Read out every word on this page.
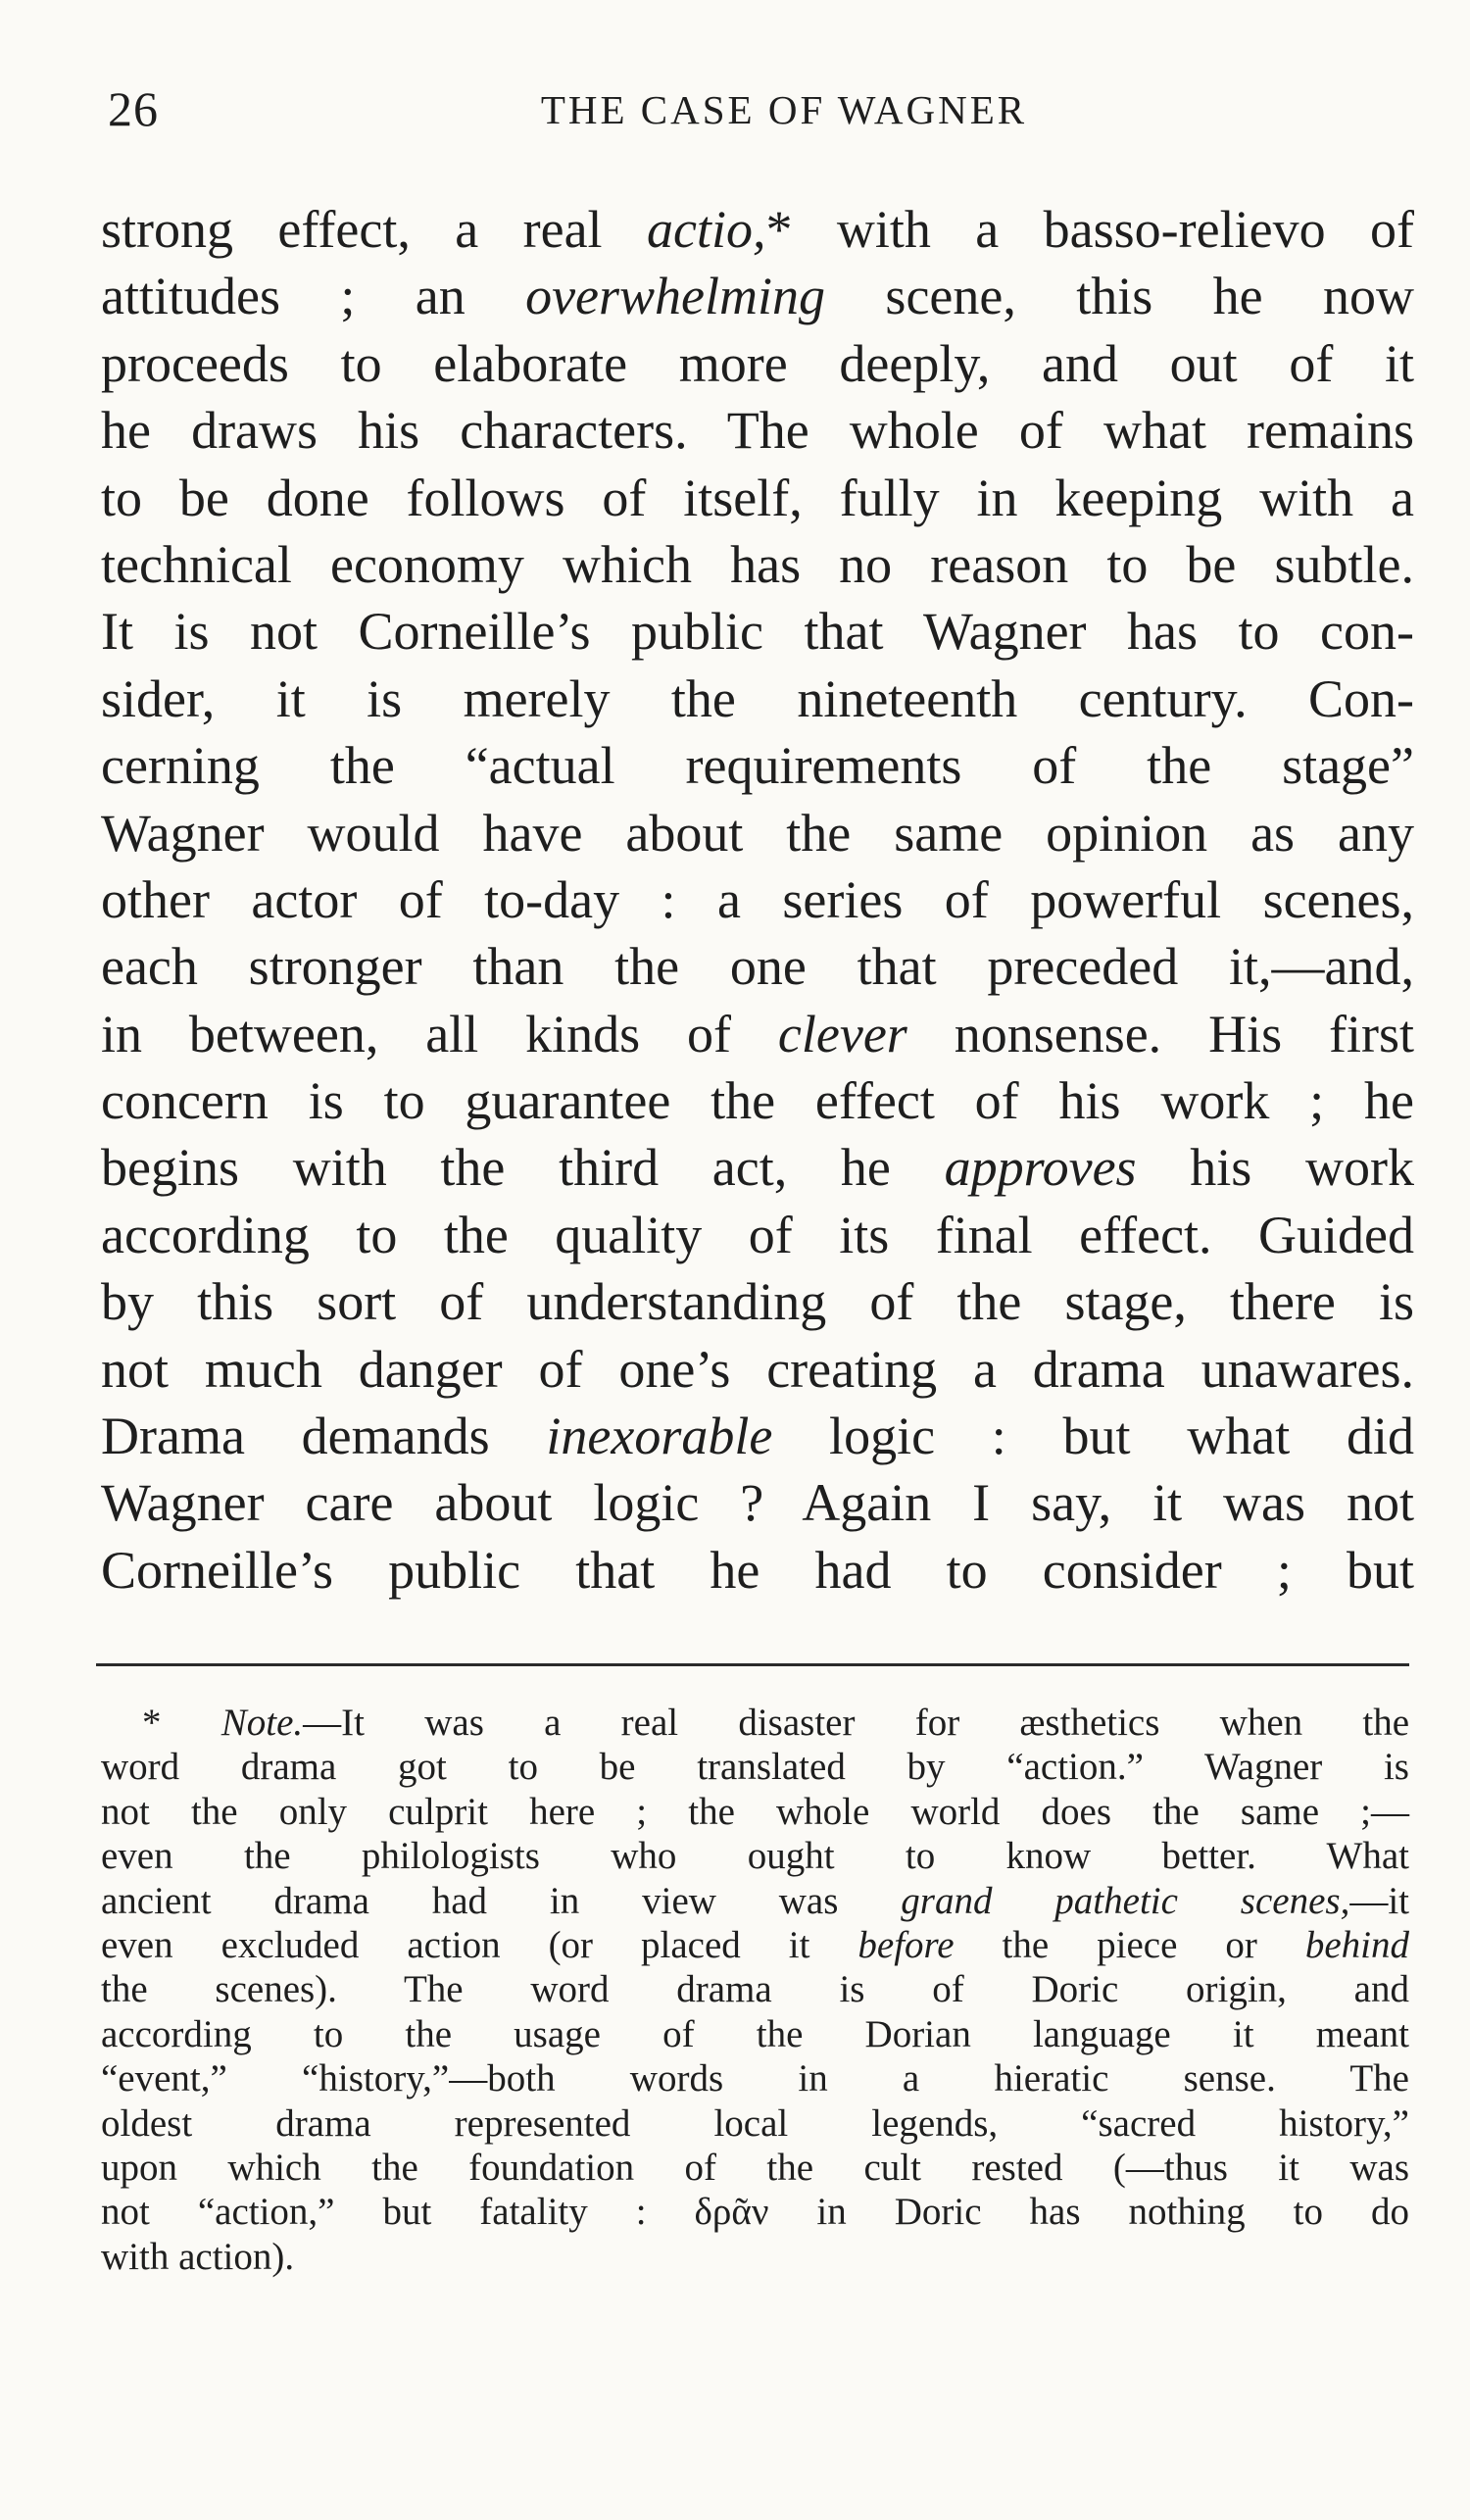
26	THE CASE OF WAGNER
strong effect, a real actio,* with a basso-relievo of
attitudes ; an overwhelming scene, this he now
proceeds to elaborate more deeply, and out of it
he draws his characters. The whole of what remains
to be done follows of itself, fully in keeping with a
technical economy which has no reason to be subtle.
It is not Corneille’s public that Wagner has to con-
sider, it is merely the nineteenth century. Con-
cerning the “actual requirements of the stage”
Wagner would have about the same opinion as any
other actor of to-day : a series of powerful scenes,
each stronger than the one that preceded it,—and,
in between, all kinds of clever nonsense. His first
concern is to guarantee the effect of his work ; he
begins with the third act, he approves his work
according to the quality of its final effect. Guided
by this sort of understanding of the stage, there is
not much danger of one’s creating a drama unawares.
Drama demands inexorable logic : but what did
Wagner care about logic ? Again I say, it was not
Corneille’s public that he had to consider ; but
* Note.—It was a real disaster for æsthetics when the
word drama got to be translated by “action.” Wagner is
not the only culprit here ; the whole world does the same ;—
even the philologists who ought to know better. What
ancient drama had in view was grand pathetic scenes,—it
even excluded action (or placed it before the piece or behind
the scenes). The word drama is of Doric origin, and
according to the usage of the Dorian language it meant
“event,” “history,”—both words in a hieratic sense. The
oldest drama represented local legends, “sacred history,”
upon which the foundation of the cult rested (—thus it was
not “action,” but fatality : δρᾶν in Doric has nothing to do
with action).
